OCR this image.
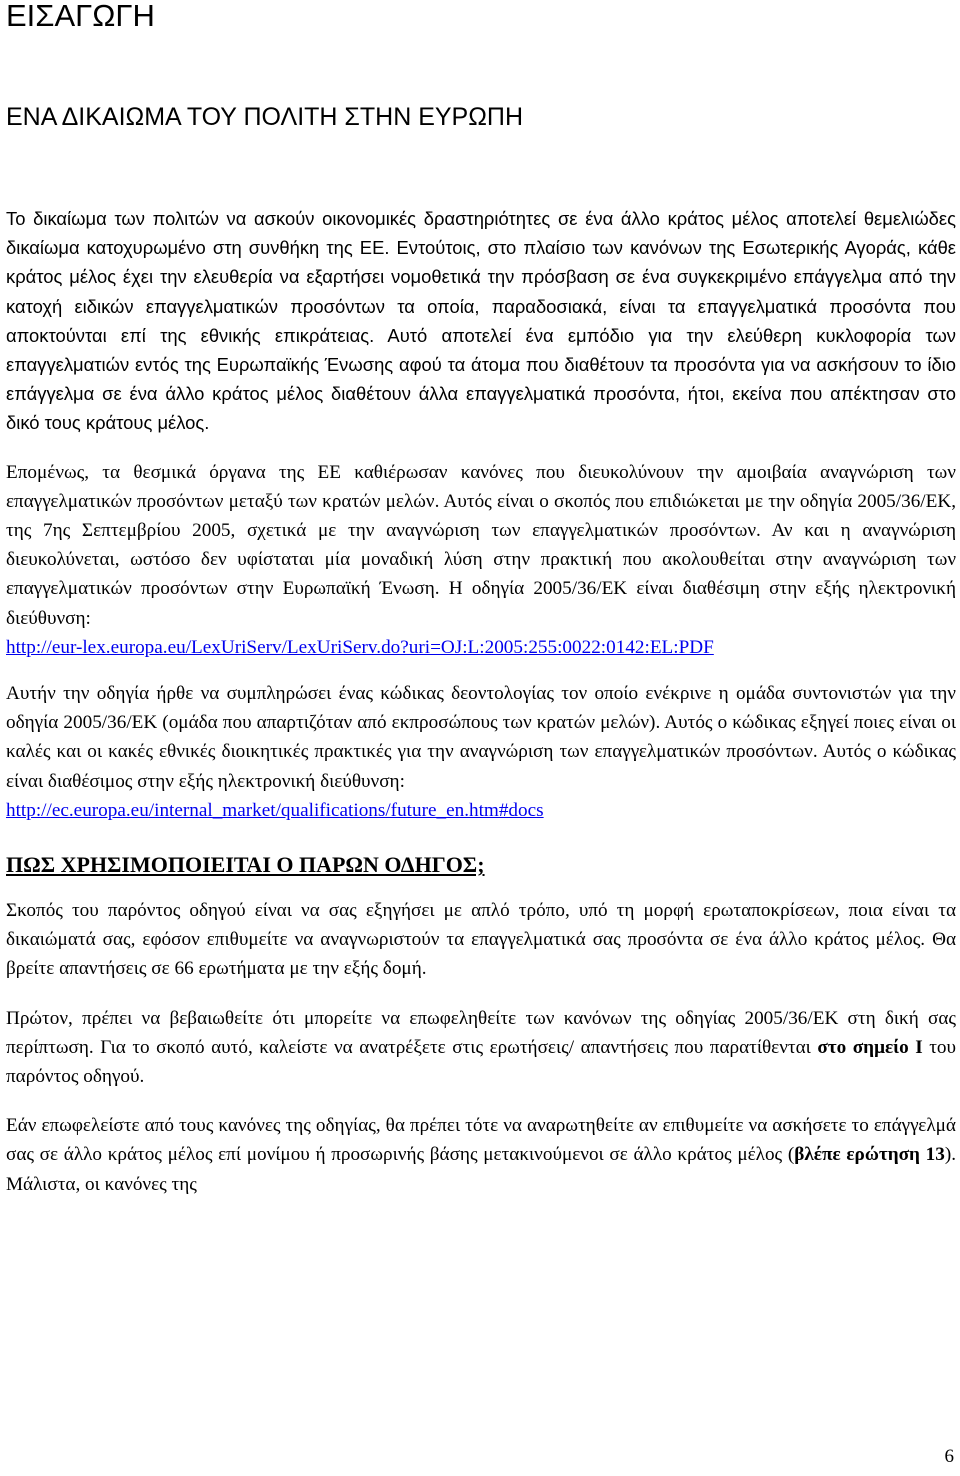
ΕΙΣΑΓΩΓΗ
ΕΝΑ ΔΙΚΑΙΩΜΑ ΤΟΥ ΠΟΛΙΤΗ ΣΤΗΝ ΕΥΡΩΠΗ

Το δικαίωμα των πολιτών να ασκούν οικονομικές δραστηριότητες σε ένα άλλο κράτος μέλος αποτελεί θεμελιώδες δικαίωμα κατοχυρωμένο στη συνθήκη της ΕΕ. Εντούτοις, στο πλαίσιο των κανόνων της Εσωτερικής Αγοράς, κάθε κράτος μέλος έχει την ελευθερία να εξαρτήσει νομοθετικά την πρόσβαση σε ένα συγκεκριμένο επάγγελμα από την κατοχή ειδικών επαγγελματικών προσόντων τα οποία, παραδοσιακά, είναι τα επαγγελματικά προσόντα που αποκτούνται επί της εθνικής επικράτειας. Αυτό αποτελεί ένα εμπόδιο για την ελεύθερη κυκλοφορία των επαγγελματιών εντός της Ευρωπαϊκής Ένωσης αφού τα άτομα που διαθέτουν τα προσόντα για να ασκήσουν το ίδιο επάγγελμα σε ένα άλλο κράτος μέλος διαθέτουν άλλα επαγγελματικά προσόντα, ήτοι, εκείνα που απέκτησαν στο δικό τους κράτους μέλος.

Επομένως, τα θεσμικά όργανα της ΕΕ καθιέρωσαν κανόνες που διευκολύνουν την αμοιβαία αναγνώριση των επαγγελματικών προσόντων μεταξύ των κρατών μελών. Αυτός είναι ο σκοπός που επιδιώκεται με την οδηγία 2005/36/ΕΚ, της 7ης Σεπτεμβρίου 2005, σχετικά με την αναγνώριση των επαγγελματικών προσόντων. Αν και η αναγνώριση διευκολύνεται, ωστόσο δεν υφίσταται μία μοναδική λύση στην πρακτική που ακολουθείται στην αναγνώριση των επαγγελματικών προσόντων στην Ευρωπαϊκή Ένωση. Η οδηγία 2005/36/ΕΚ είναι διαθέσιμη στην εξής ηλεκτρονική διεύθυνση:

http://eur-lex.europa.eu/LexUriServ/LexUriServ.do?uri=OJ:L:2005:255:0022:0142:EL:PDF

Αυτήν την οδηγία ήρθε να συμπληρώσει ένας κώδικας δεοντολογίας τον οποίο ενέκρινε η ομάδα συντονιστών για την οδηγία 2005/36/ΕΚ (ομάδα που απαρτιζόταν από εκπροσώπους των κρατών μελών). Αυτός ο κώδικας εξηγεί ποιες είναι οι καλές και οι κακές εθνικές διοικητικές πρακτικές για την αναγνώριση των επαγγελματικών προσόντων. Αυτός ο κώδικας είναι διαθέσιμος στην εξής ηλεκτρονική διεύθυνση:

http://ec.europa.eu/internal_market/qualifications/future_en.htm#docs

ΠΩΣ ΧΡΗΣΙΜΟΠΟΙΕΙΤΑΙ Ο ΠΑΡΩΝ ΟΔΗΓΟΣ;

Σκοπός του παρόντος οδηγού είναι να σας εξηγήσει με απλό τρόπο, υπό τη μορφή ερωταποκρίσεων, ποια είναι τα δικαιώματά σας, εφόσον επιθυμείτε να αναγνωριστούν τα επαγγελματικά σας προσόντα σε ένα άλλο κράτος μέλος. Θα βρείτε απαντήσεις σε 66 ερωτήματα με την εξής δομή.

Πρώτον, πρέπει να βεβαιωθείτε ότι μπορείτε να επωφεληθείτε των κανόνων της οδηγίας 2005/36/ΕΚ στη δική σας περίπτωση. Για το σκοπό αυτό, καλείστε να ανατρέξετε στις ερωτήσεις/ απαντήσεις που παρατίθενται στο σημείο Ι του παρόντος οδηγού.

Εάν επωφελείστε από τους κανόνες της οδηγίας, θα πρέπει τότε να αναρωτηθείτε αν επιθυμείτε να ασκήσετε το επάγγελμά σας σε άλλο κράτος μέλος επί μονίμου ή προσωρινής βάσης μετακινούμενοι σε άλλο κράτος μέλος (βλέπε ερώτηση 13). Μάλιστα, οι κανόνες της

6
